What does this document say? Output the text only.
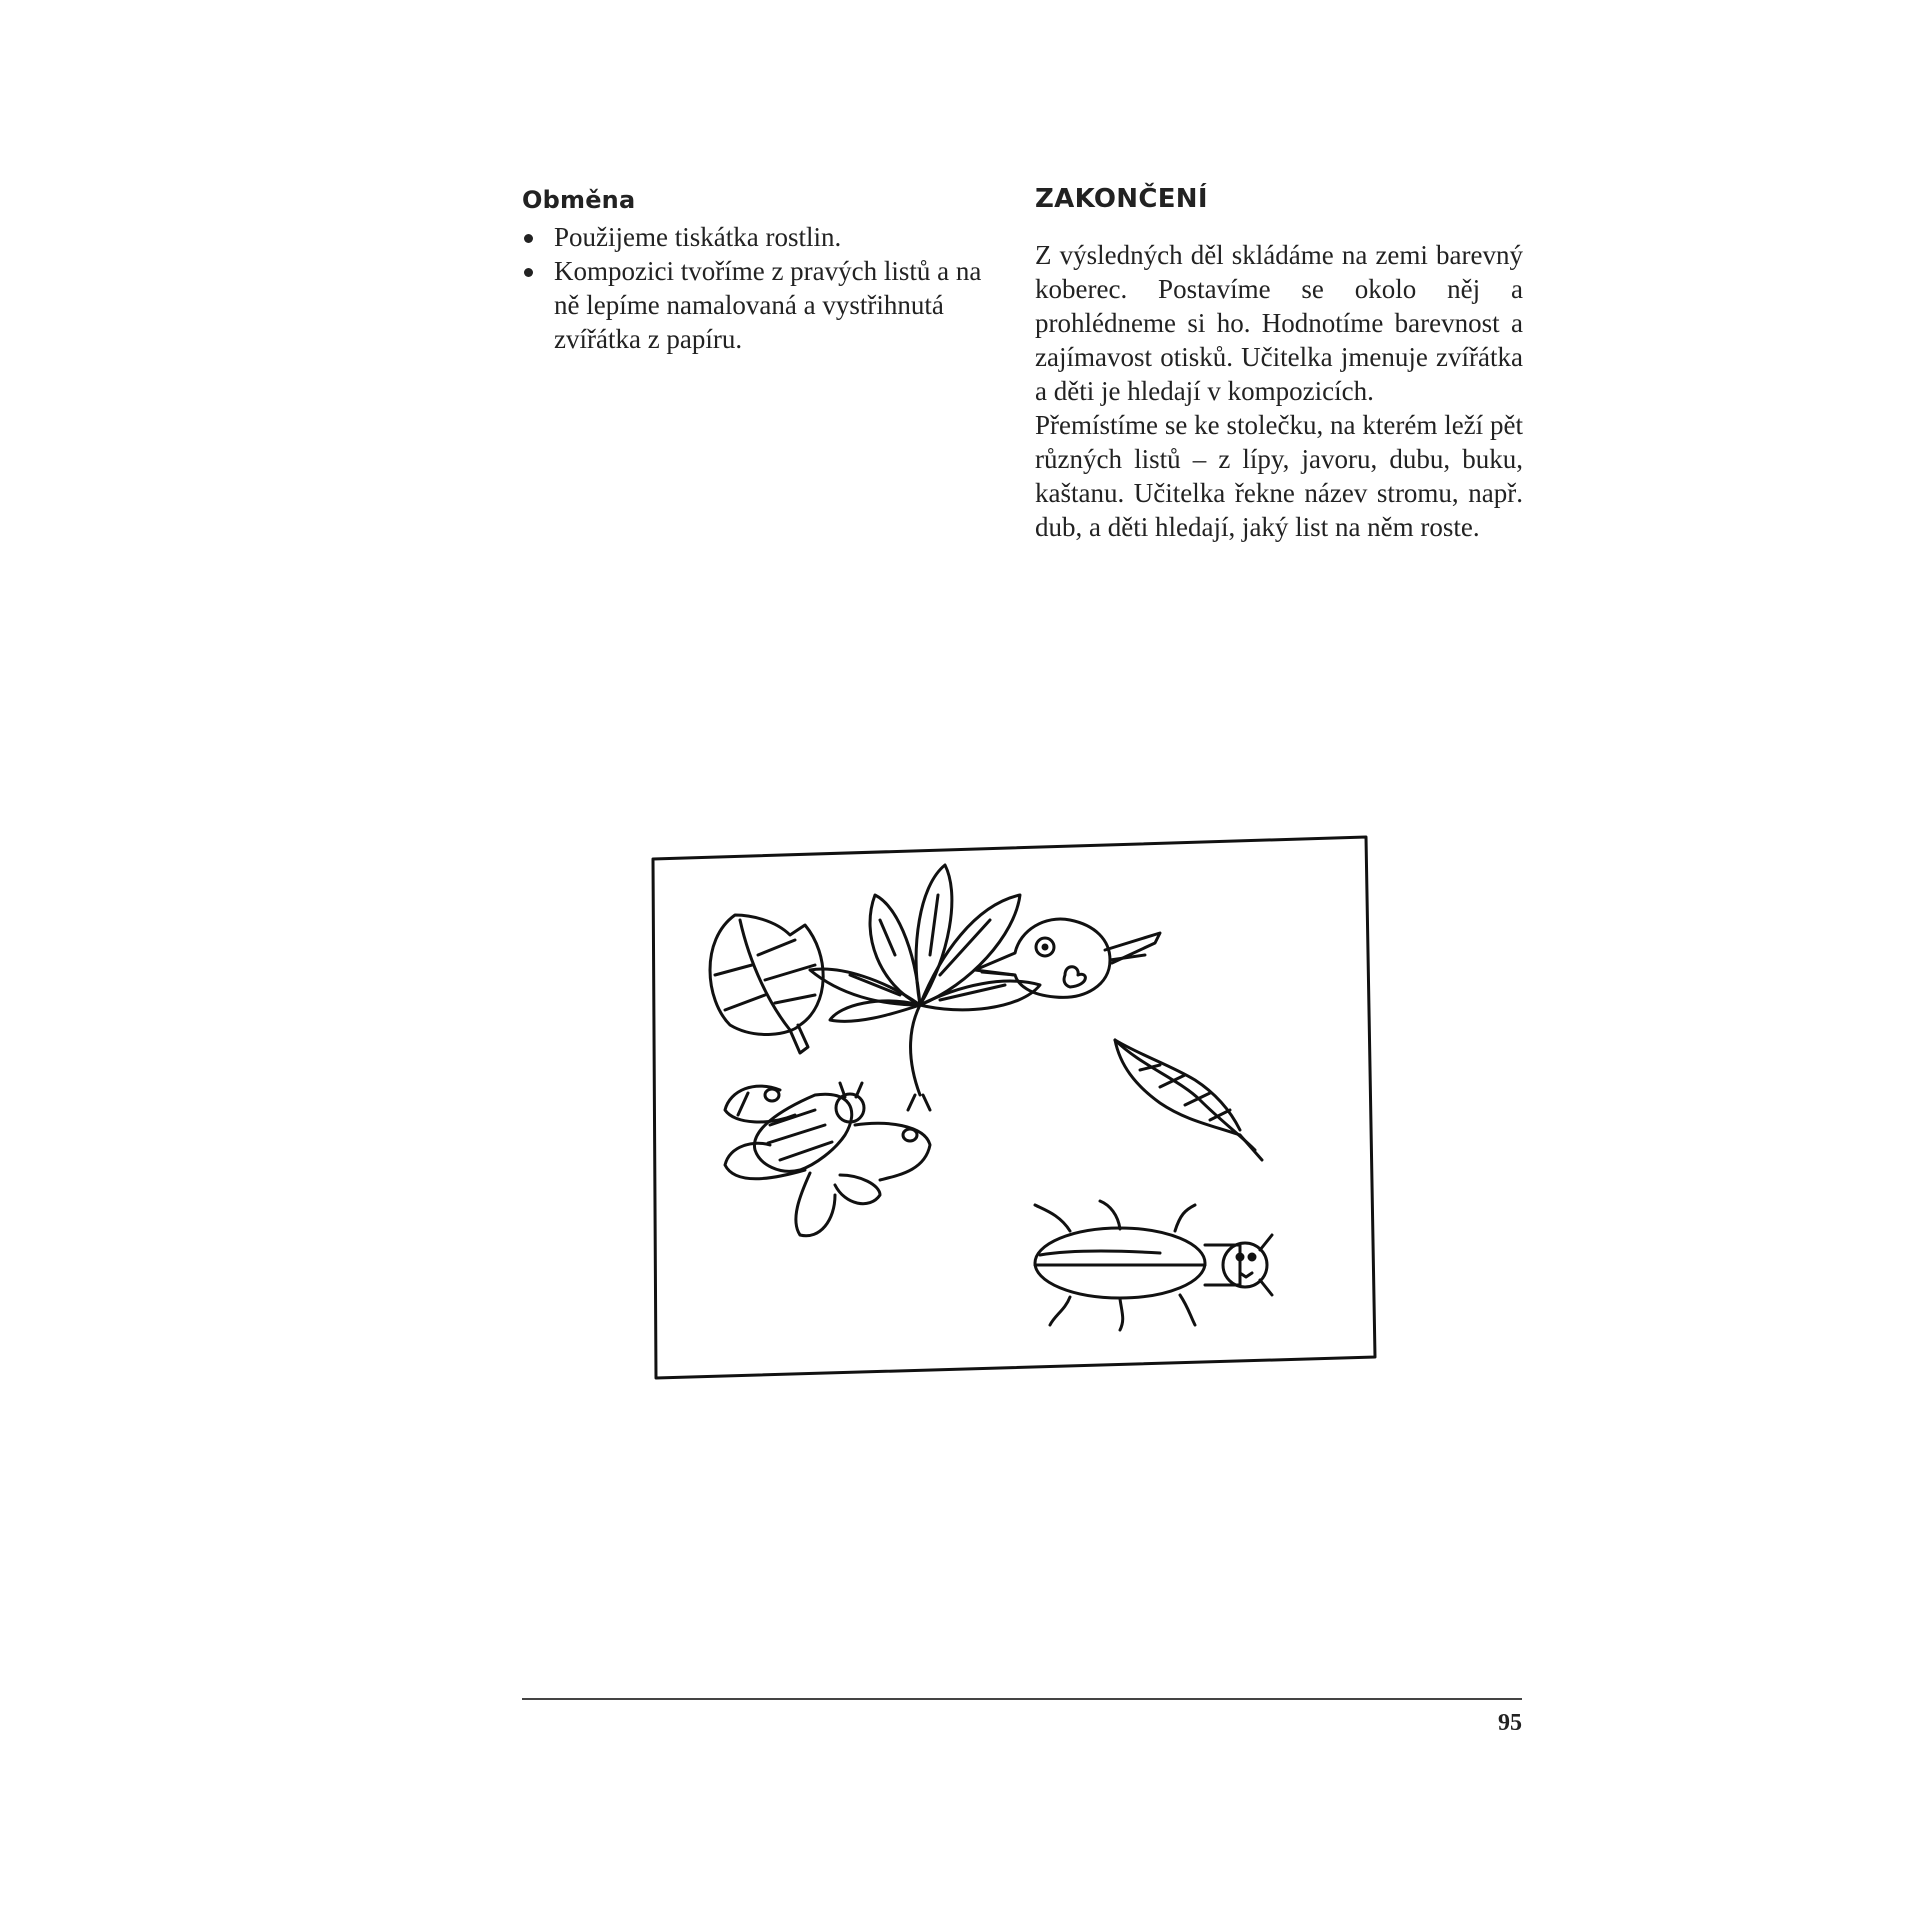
Obměna
Použijeme tiskátka rostlin.
Kompozici tvoříme z pravých listů a na ně lepíme namalovaná a vystřihnutá zvířátka z papíru.
ZAKONČENÍ

Z výsledných děl skládáme na zemi barevný koberec. Postavíme se okolo něj a prohlédneme si ho. Hodnotíme barevnost a zajímavost otisků. Učitelka jmenuje zvířátka a děti je hledají v kompozicích.

Přemístíme se ke stolečku, na kterém leží pět různých listů – z lípy, javoru, dubu, buku, kaštanu. Učitelka řekne název stromu, např. dub, a děti hledají, jaký list na něm roste.

95
